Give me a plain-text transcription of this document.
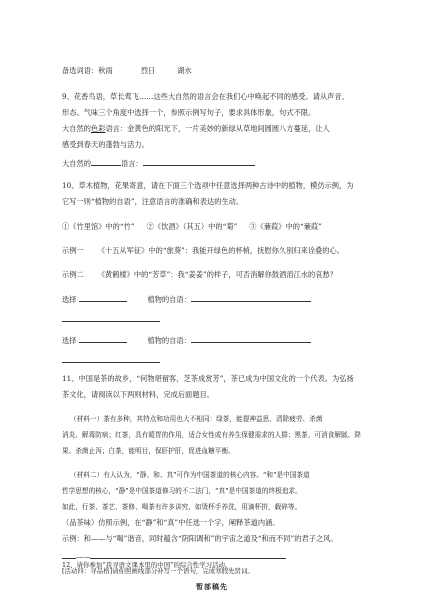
备选词语：秋雨	烈日	湖水
9、花香鸟语，草长莺飞……这些大自然的语言会在我们心中唤起不同的感受。请从声音、
形态、气味三个角度中选择一个，参照示例写句子，要求具体形象，句式不限。
大自然的色彩语言：金黄色的阳光下，一片美妙的新绿从草地间圆圆八方蔓延，让人
感受到春天的蓬勃与活力。
大自然的	语言：
10、草木植物，花果寄意，请在下面三个选项中任意选择两种古诗中的植物，模仿示例，为
它写一则“植物的自语”，注意语言的准确和表达的生动。
①《竹里馆》中的“竹” ②《饮酒》（其五）中的“菊” ③《蒹葭》中的“蒹葭”
示例一 《十五从军征》中的“旅葵”：我能开绿色的杯梢，抚慰你久别归来诠叠的心。
示例二 《黄鹤楼》中的“芳草”：我“姜姜”的样子，可否消解你鼓酒滔江水的哀愁？
选择	植物的自语：
选择	植物的自语：
11、中国是茶的故乡，“何物堪留客，芝茶成赏芳”，茶已成为中国文化的一个代表。为弘扬
茶文化，请阅读以下两则材料，完成后面题目。
（材料一）茶有多种，其特点和功用也大不相同：绿茶，能提神益思、清除疲劳、杀菌
消炎、解毒防病；红茶，具有暖胃的作用，适合女性或有养生保健需求的人群；黑茶，可消食解腻、降
果、杀菌止泻；白茶，能明目，保肝护肝，促进血糖平衡。
（材料二）有人认为，“静、和、真”可作为中国茶道的核心内容。“和”是中国茶道
哲学思想的核心，“静”是中国茶道修习的不二法门，“真”是中国茶道的终极追求。
如此，行茶、茶艺、茶修、喝茶有许多讲究，如烫杯手养洗，用滴杯拼，载碎等。
（品茶味）仿照示例，在“静”和“真”中任选一个字，阐释茶道内涵。
示例：和——与“喝”谐音，同时蕴含“阴阳调和”的宇宙之道及“和而不同”的君子之风。
——
12、请你参加“我寻语文课本里的中国”的综合性学习活动。
[活动四：寻品格]请你照画线部分补写一个语句，完成寒假先贤词。
暂部稿先
